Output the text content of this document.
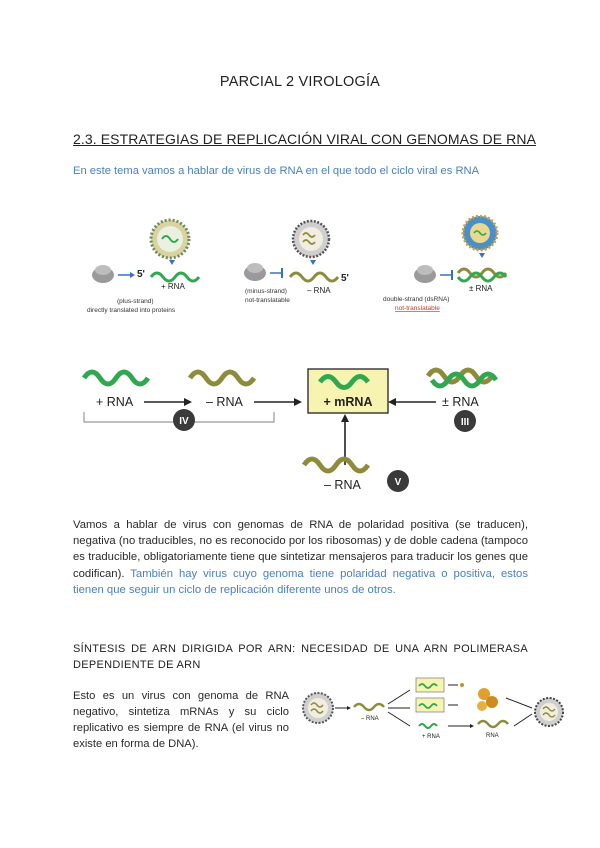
PARCIAL 2 VIROLOGÍA
2.3. ESTRATEGIAS DE REPLICACIÓN VIRAL CON GENOMAS DE RNA
En este tema vamos a hablar de virus de RNA en el que todo el ciclo viral es RNA
5'
+ RNA
(plus-strand)
directly translated into proteins
5'
– RNA
(minus-strand)
not-translatable
± RNA
double-strand (dsRNA)
not-translatable
+ RNA	– RNA	+ mRNA	± RNA
IV	III
– RNA	V
Vamos a hablar de virus con genomas de RNA de polaridad positiva (se traducen), negativa (no traducibles, no es reconocido por los ribosomas) y de doble cadena (tampoco es traducible, obligatoriamente tiene que sintetizar mensajeros para traducir los genes que codifican). También hay virus cuyo genoma tiene polaridad negativa o positiva, estos tienen que seguir un ciclo de replicación diferente unos de otros.
SÍNTESIS DE ARN DIRIGIDA POR ARN: NECESIDAD DE UNA ARN POLIMERASA DEPENDIENTE DE ARN
Esto es un virus con genoma de RNA negativo, sintetiza mRNAs y su ciclo replicativo es siempre de RNA (el virus no existe en forma de DNA).
– RNA
+ RNA	RNA
